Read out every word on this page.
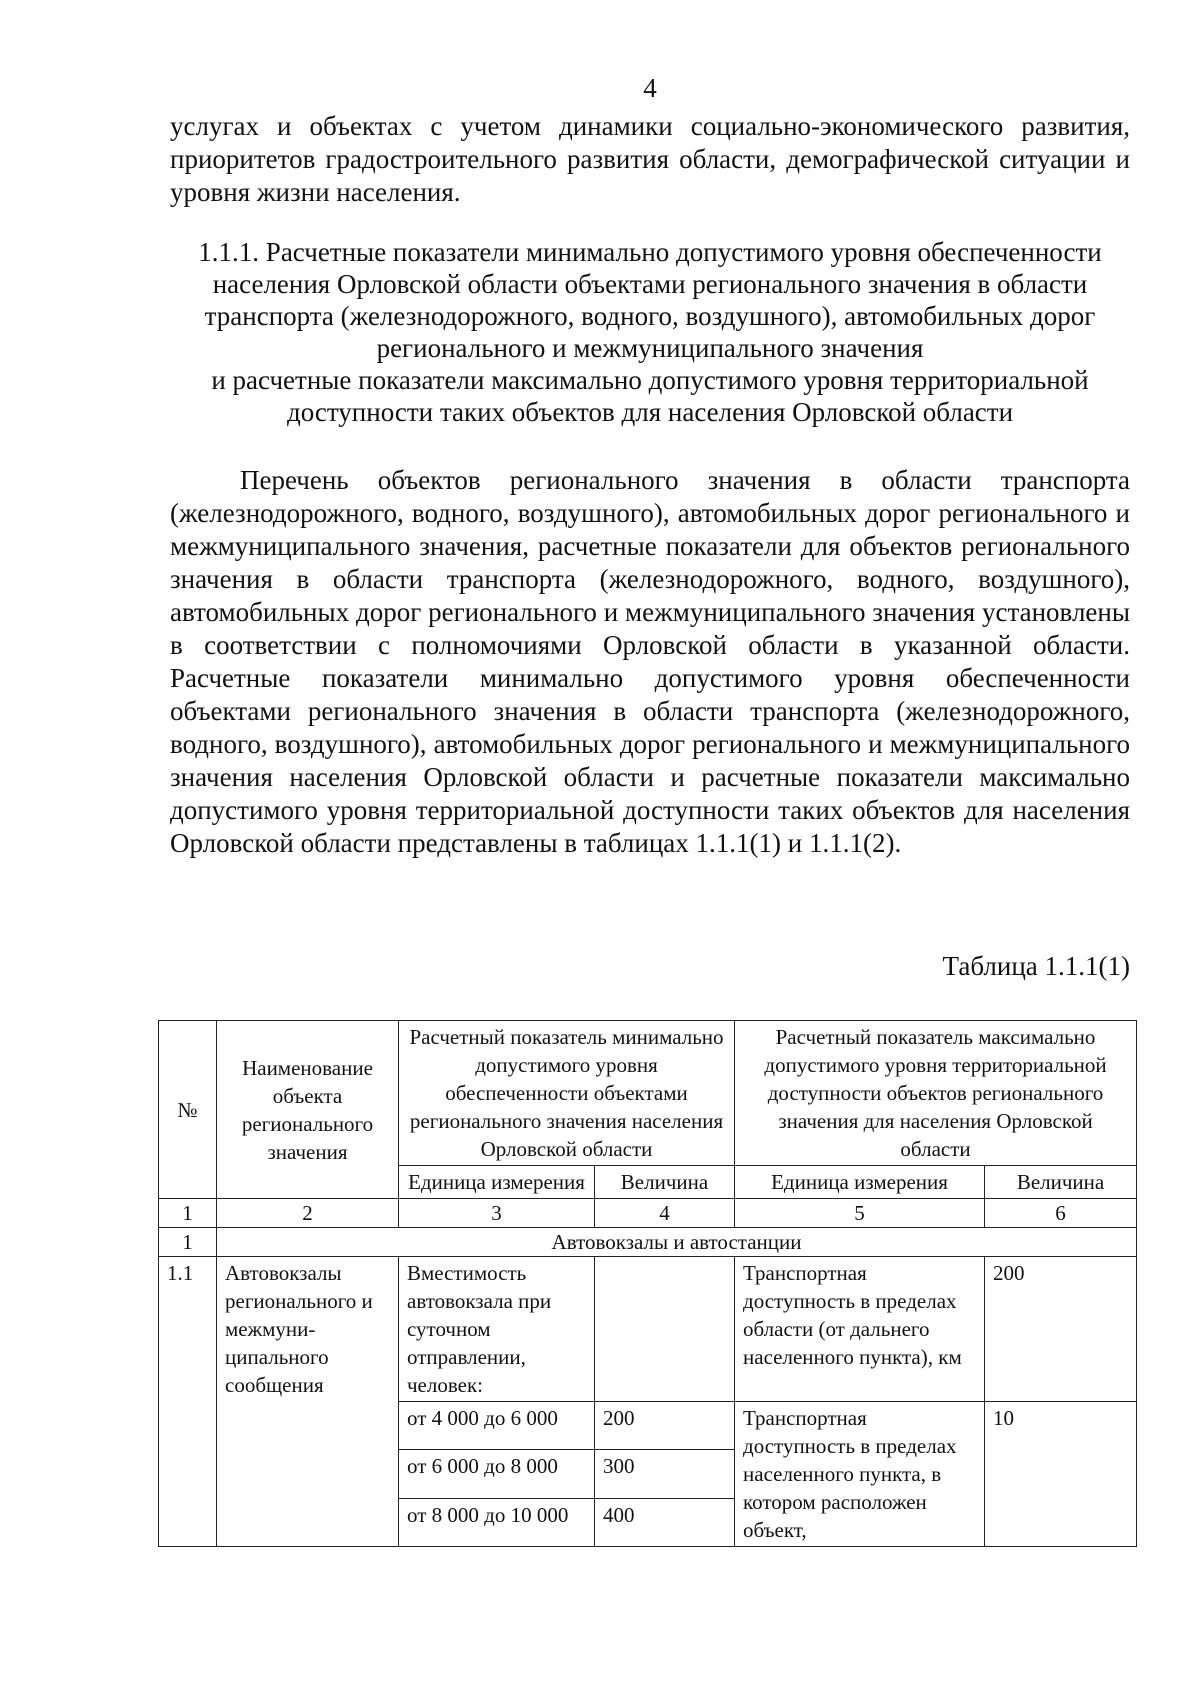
4

услугах и объектах с учетом динамики социально-экономического развития, приоритетов градостроительного развития области, демографической ситуации и уровня жизни населения.

1.1.1. Расчетные показатели минимально допустимого уровня обеспеченности
населения Орловской области объектами регионального значения в области
транспорта (железнодорожного, водного, воздушного), автомобильных дорог
регионального и межмуниципального значения
и расчетные показатели максимально допустимого уровня территориальной
доступности таких объектов для населения Орловской области

Перечень объектов регионального значения в области транспорта (железнодорожного, водного, воздушного), автомобильных дорог регионального и межмуниципального значения, расчетные показатели для объектов регионального значения в области транспорта (железнодорожного, водного, воздушного), автомобильных дорог регионального и межмуниципального значения установлены в соответствии с полномочиями Орловской области в указанной области. Расчетные показатели минимально допустимого уровня обеспеченности объектами регионального значения в области транспорта (железнодорожного, водного, воздушного), автомобильных дорог регионального и межмуниципального значения населения Орловской области и расчетные показатели максимально допустимого уровня территориальной доступности таких объектов для населения Орловской области представлены в таблицах 1.1.1(1) и 1.1.1(2).

Таблица 1.1.1(1)
№	Наименование объекта регионального значения	Расчетный показатель минимально допустимого уровня обеспеченности объектами регионального значения населения Орловской области		Расчетный показатель максимально допустимого уровня территориальной доступности объектов регионального значения для населения Орловской области	
		Единица измерения	Величина	Единица измерения	Величина
1	2	3	4	5	6
1	Автовокзалы и автостанции				
1.1	Автовокзалы регионального и межмуни- ципального сообщения	Вместимость автовокзала при суточном отправлении, человек:		Транспортная доступность в пределах области (от дальнего населенного пункта), км	200
		от 4 000 до 6 000	200	Транспортная доступность в пределах населенного пункта, в котором расположен объект,	10
		от 6 000 до 8 000	300		
		от 8 000 до 10 000	400		
